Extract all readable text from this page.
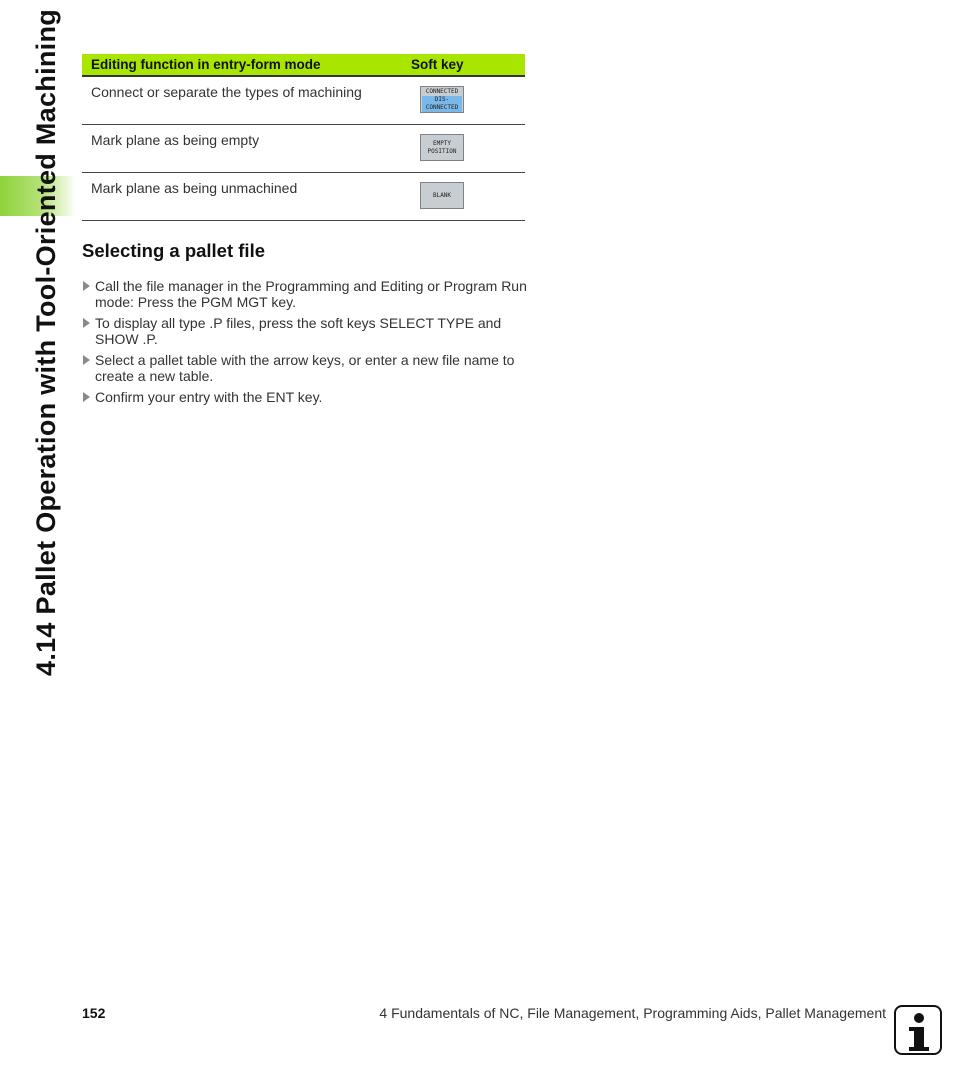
4.14 Pallet Operation with Tool-Oriented Machining	Editing function in entry-form mode	Soft key
Connect or separate the types of machining	CONNECTED
DIS-
CONNECTED
Mark plane as being empty	EMPTY
POSITION
Mark plane as being unmachined	BLANK
Selecting a pallet file
Call the file manager in the Programming and Editing or Program Run mode: Press the PGM MGT key.
To display all type .P files, press the soft keys SELECT TYPE and SHOW .P.
Select a pallet table with the arrow keys, or enter a new file name to create a new table.
Confirm your entry with the ENT key.
152	4 Fundamentals of NC, File Management, Programming Aids, Pallet Management
